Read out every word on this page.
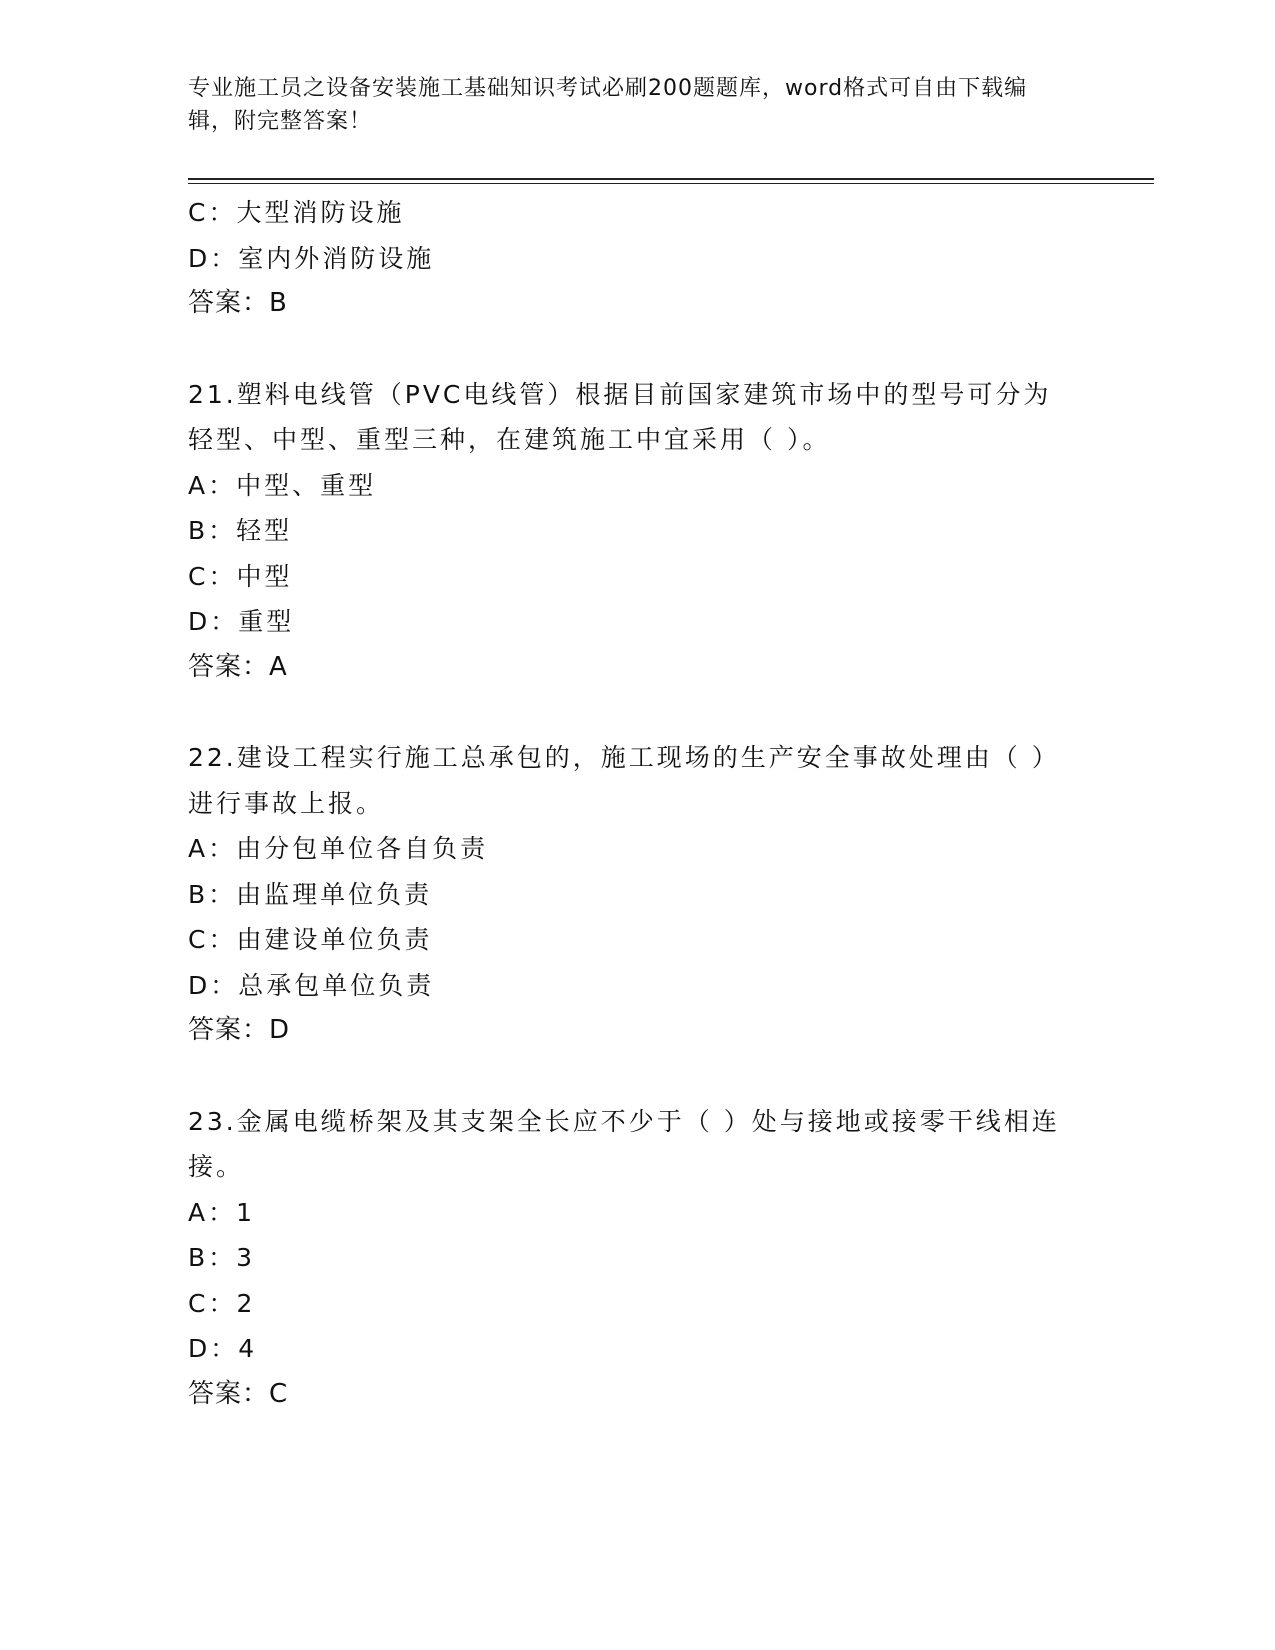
专业施工员之设备安装施工基础知识考试必刷200题题库，word格式可自由下载编辑，附完整答案！
C：大型消防设施
D：室内外消防设施
答案：B
21.塑料电线管（PVC电线管）根据目前国家建筑市场中的型号可分为轻型、中型、重型三种，在建筑施工中宜采用（ ）。
A：中型、重型
B：轻型
C：中型
D：重型
答案：A
22.建设工程实行施工总承包的，施工现场的生产安全事故处理由（ ）进行事故上报。
A：由分包单位各自负责
B：由监理单位负责
C：由建设单位负责
D：总承包单位负责
答案：D
23.金属电缆桥架及其支架全长应不少于（ ）处与接地或接零干线相连接。
A：1
B：3
C：2
D：4
答案：C
